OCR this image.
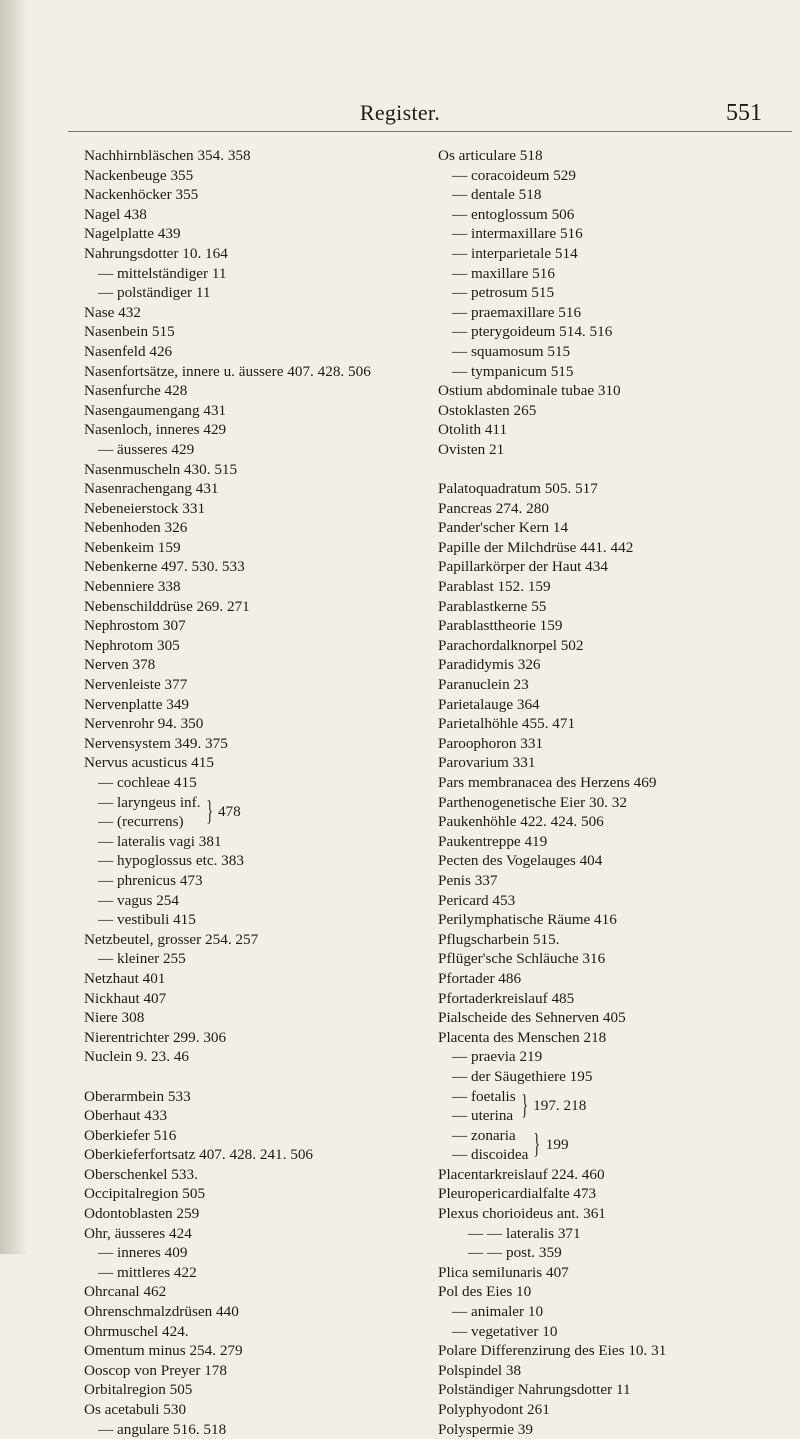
Register.	551
Nachhirnbläschen 354. 358
Nackenbeuge 355
Nackenhöcker 355
Nagel 438
Nagelplatte 439
Nahrungsdotter 10. 164
— mittelständiger 11
— polständiger 11
Nase 432
Nasenbein 515
Nasenfeld 426
Nasenfortsätze, innere u. äussere 407. 428. 506
Nasenfurche 428
Nasengaumengang 431
Nasenloch, inneres 429
— äusseres 429
Nasenmuscheln 430. 515
Nasenrachengang 431
Nebeneierstock 331
Nebenhoden 326
Nebenkeim 159
Nebenkerne 497. 530. 533
Nebenniere 338
Nebenschilddrüse 269. 271
Nephrostom 307
Nephrotom 305
Nerven 378
Nervenleiste 377
Nervenplatte 349
Nervenrohr 94. 350
Nervensystem 349. 375
Nervus acusticus 415
— cochleae 415
— laryngeus inf.
— (recurrens) } 478
— lateralis vagi 381
— hypoglossus etc. 383
— phrenicus 473
— vagus 254
— vestibuli 415
Netzbeutel, grosser 254. 257
— kleiner 255
Netzhaut 401
Nickhaut 407
Niere 308
Nierentrichter 299. 306
Nuclein 9. 23. 46
Oberarmbein 533
Oberhaut 433
Oberkiefer 516
Oberkieferfortsatz 407. 428. 241. 506
Oberschenkel 533.
Occipitalregion 505
Odontoblasten 259
Ohr, äusseres 424
— inneres 409
— mittleres 422
Ohrcanal 462
Ohrenschmalzdrüsen 440
Ohrmuschel 424.
Omentum minus 254. 279
Ooscop von Preyer 178
Orbitalregion 505
Os acetabuli 530
— angulare 516. 518
Os articulare 518
— coracoideum 529
— dentale 518
— entoglossum 506
— intermaxillare 516
— interparietale 514
— maxillare 516
— petrosum 515
— praemaxillare 516
— pterygoideum 514. 516
— squamosum 515
— tympanicum 515
Ostium abdominale tubae 310
Ostoklasten 265
Otolith 411
Ovisten 21
Palatoquadratum 505. 517
Pancreas 274. 280
Pander'scher Kern 14
Papille der Milchdrüse 441. 442
Papillarkörper der Haut 434
Parablast 152. 159
Parablastkerne 55
Parablasttheorie 159
Parachordalknorpel 502
Paradidymis 326
Paranuclein 23
Parietalauge 364
Parietalhöhle 455. 471
Paroophoron 331
Parovarium 331
Pars membranacea des Herzens 469
Parthenogenetische Eier 30. 32
Paukenhöhle 422. 424. 506
Paukentreppe 419
Pecten des Vogelauges 404
Penis 337
Pericard 453
Perilymphatische Räume 416
Pflugscharbein 515.
Pflüger'sche Schläuche 316
Pfortader 486
Pfortaderkreislauf 485
Pialscheide des Sehnerven 405
Placenta des Menschen 218
— praevia 219
— der Säugethiere 195
— foetalis
— uterina } 197. 218
— zonaria
— discoidea } 199
Placentarkreislauf 224. 460
Pleuropericardialfalte 473
Plexus chorioideus ant. 361
— — lateralis 371
— — post. 359
Plica semilunaris 407
Pol des Eies 10
— animaler 10
— vegetativer 10
Polare Differenzirung des Eies 10. 31
Polspindel 38
Polständiger Nahrungsdotter 11
Polyphyodont 261
Polyspermie 39
